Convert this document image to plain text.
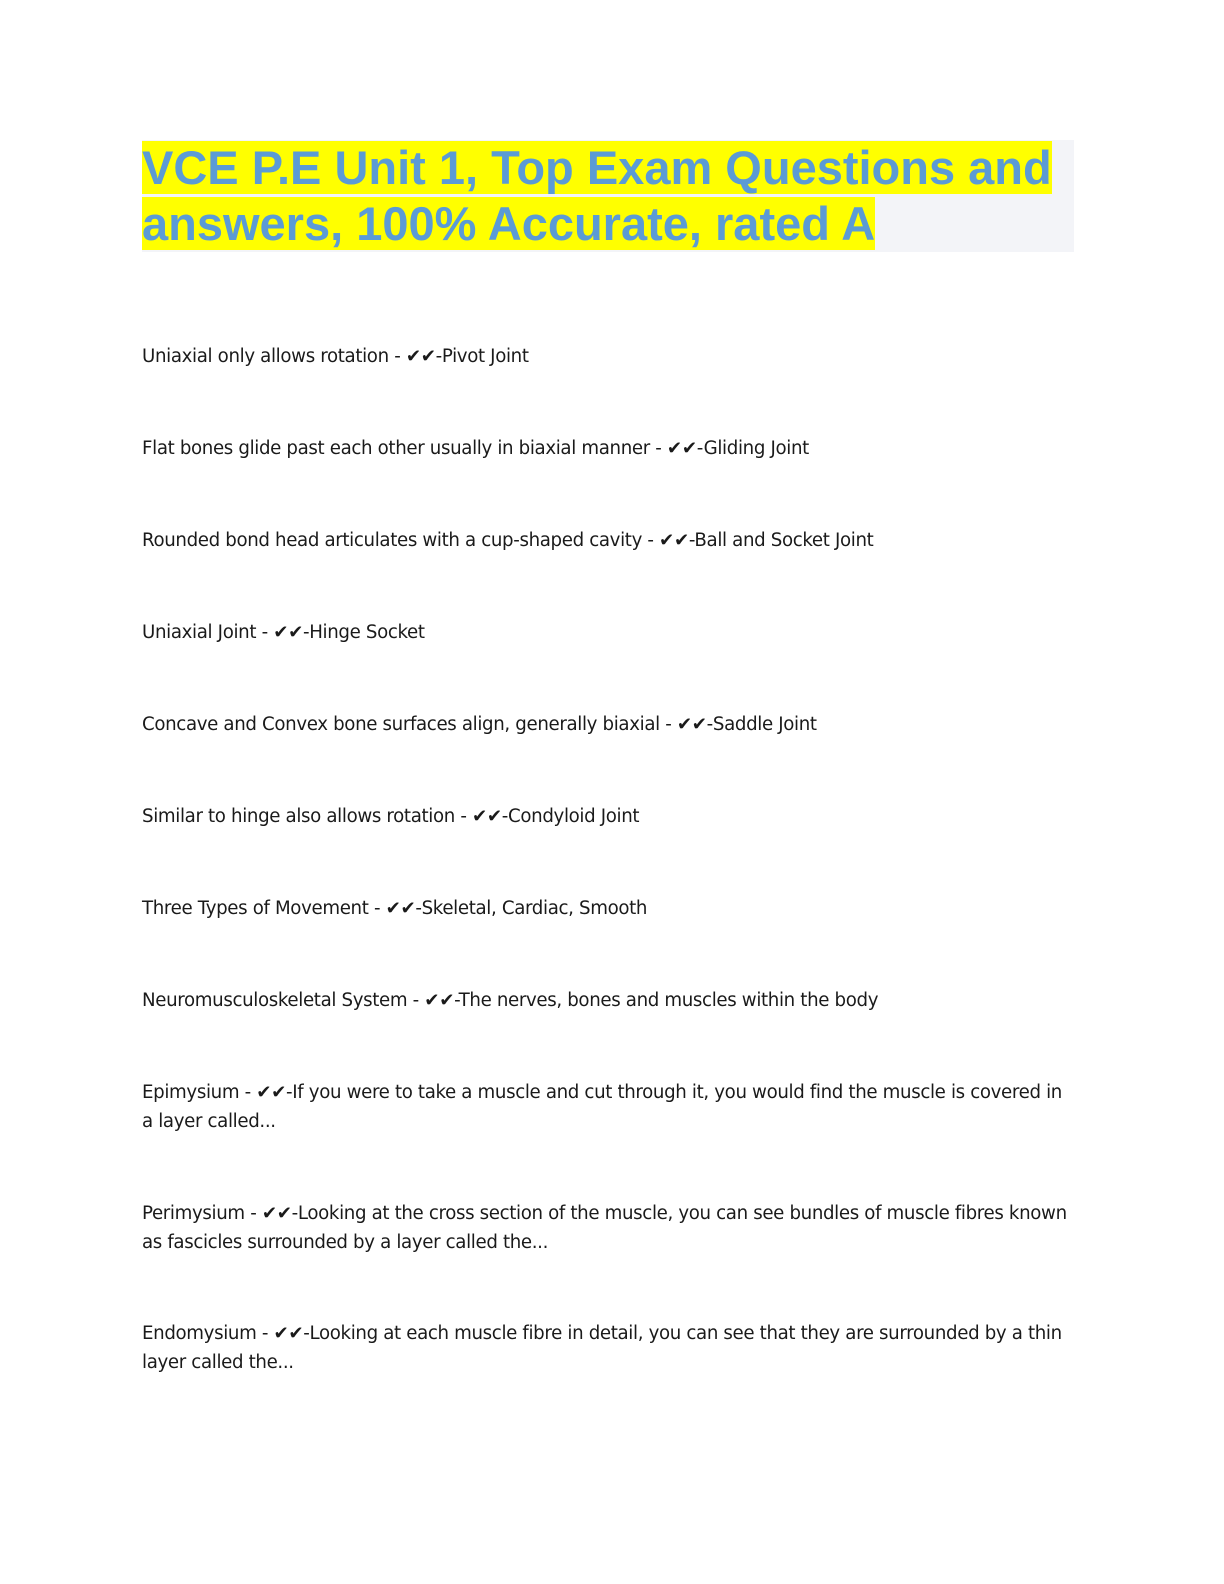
VCE P.E Unit 1, Top Exam Questions and answers, 100% Accurate, rated A
Uniaxial only allows rotation - ✔✔-Pivot Joint
Flat bones glide past each other usually in biaxial manner - ✔✔-Gliding Joint
Rounded bond head articulates with a cup-shaped cavity - ✔✔-Ball and Socket Joint
Uniaxial Joint - ✔✔-Hinge Socket
Concave and Convex bone surfaces align, generally biaxial - ✔✔-Saddle Joint
Similar to hinge also allows rotation - ✔✔-Condyloid Joint
Three Types of Movement - ✔✔-Skeletal, Cardiac, Smooth
Neuromusculoskeletal System - ✔✔-The nerves, bones and muscles within the body
Epimysium - ✔✔-If you were to take a muscle and cut through it, you would find the muscle is covered in a layer called...
Perimysium - ✔✔-Looking at the cross section of the muscle, you can see bundles of muscle fibres known as fascicles surrounded by a layer called the...
Endomysium - ✔✔-Looking at each muscle fibre in detail, you can see that they are surrounded by a thin layer called the...
